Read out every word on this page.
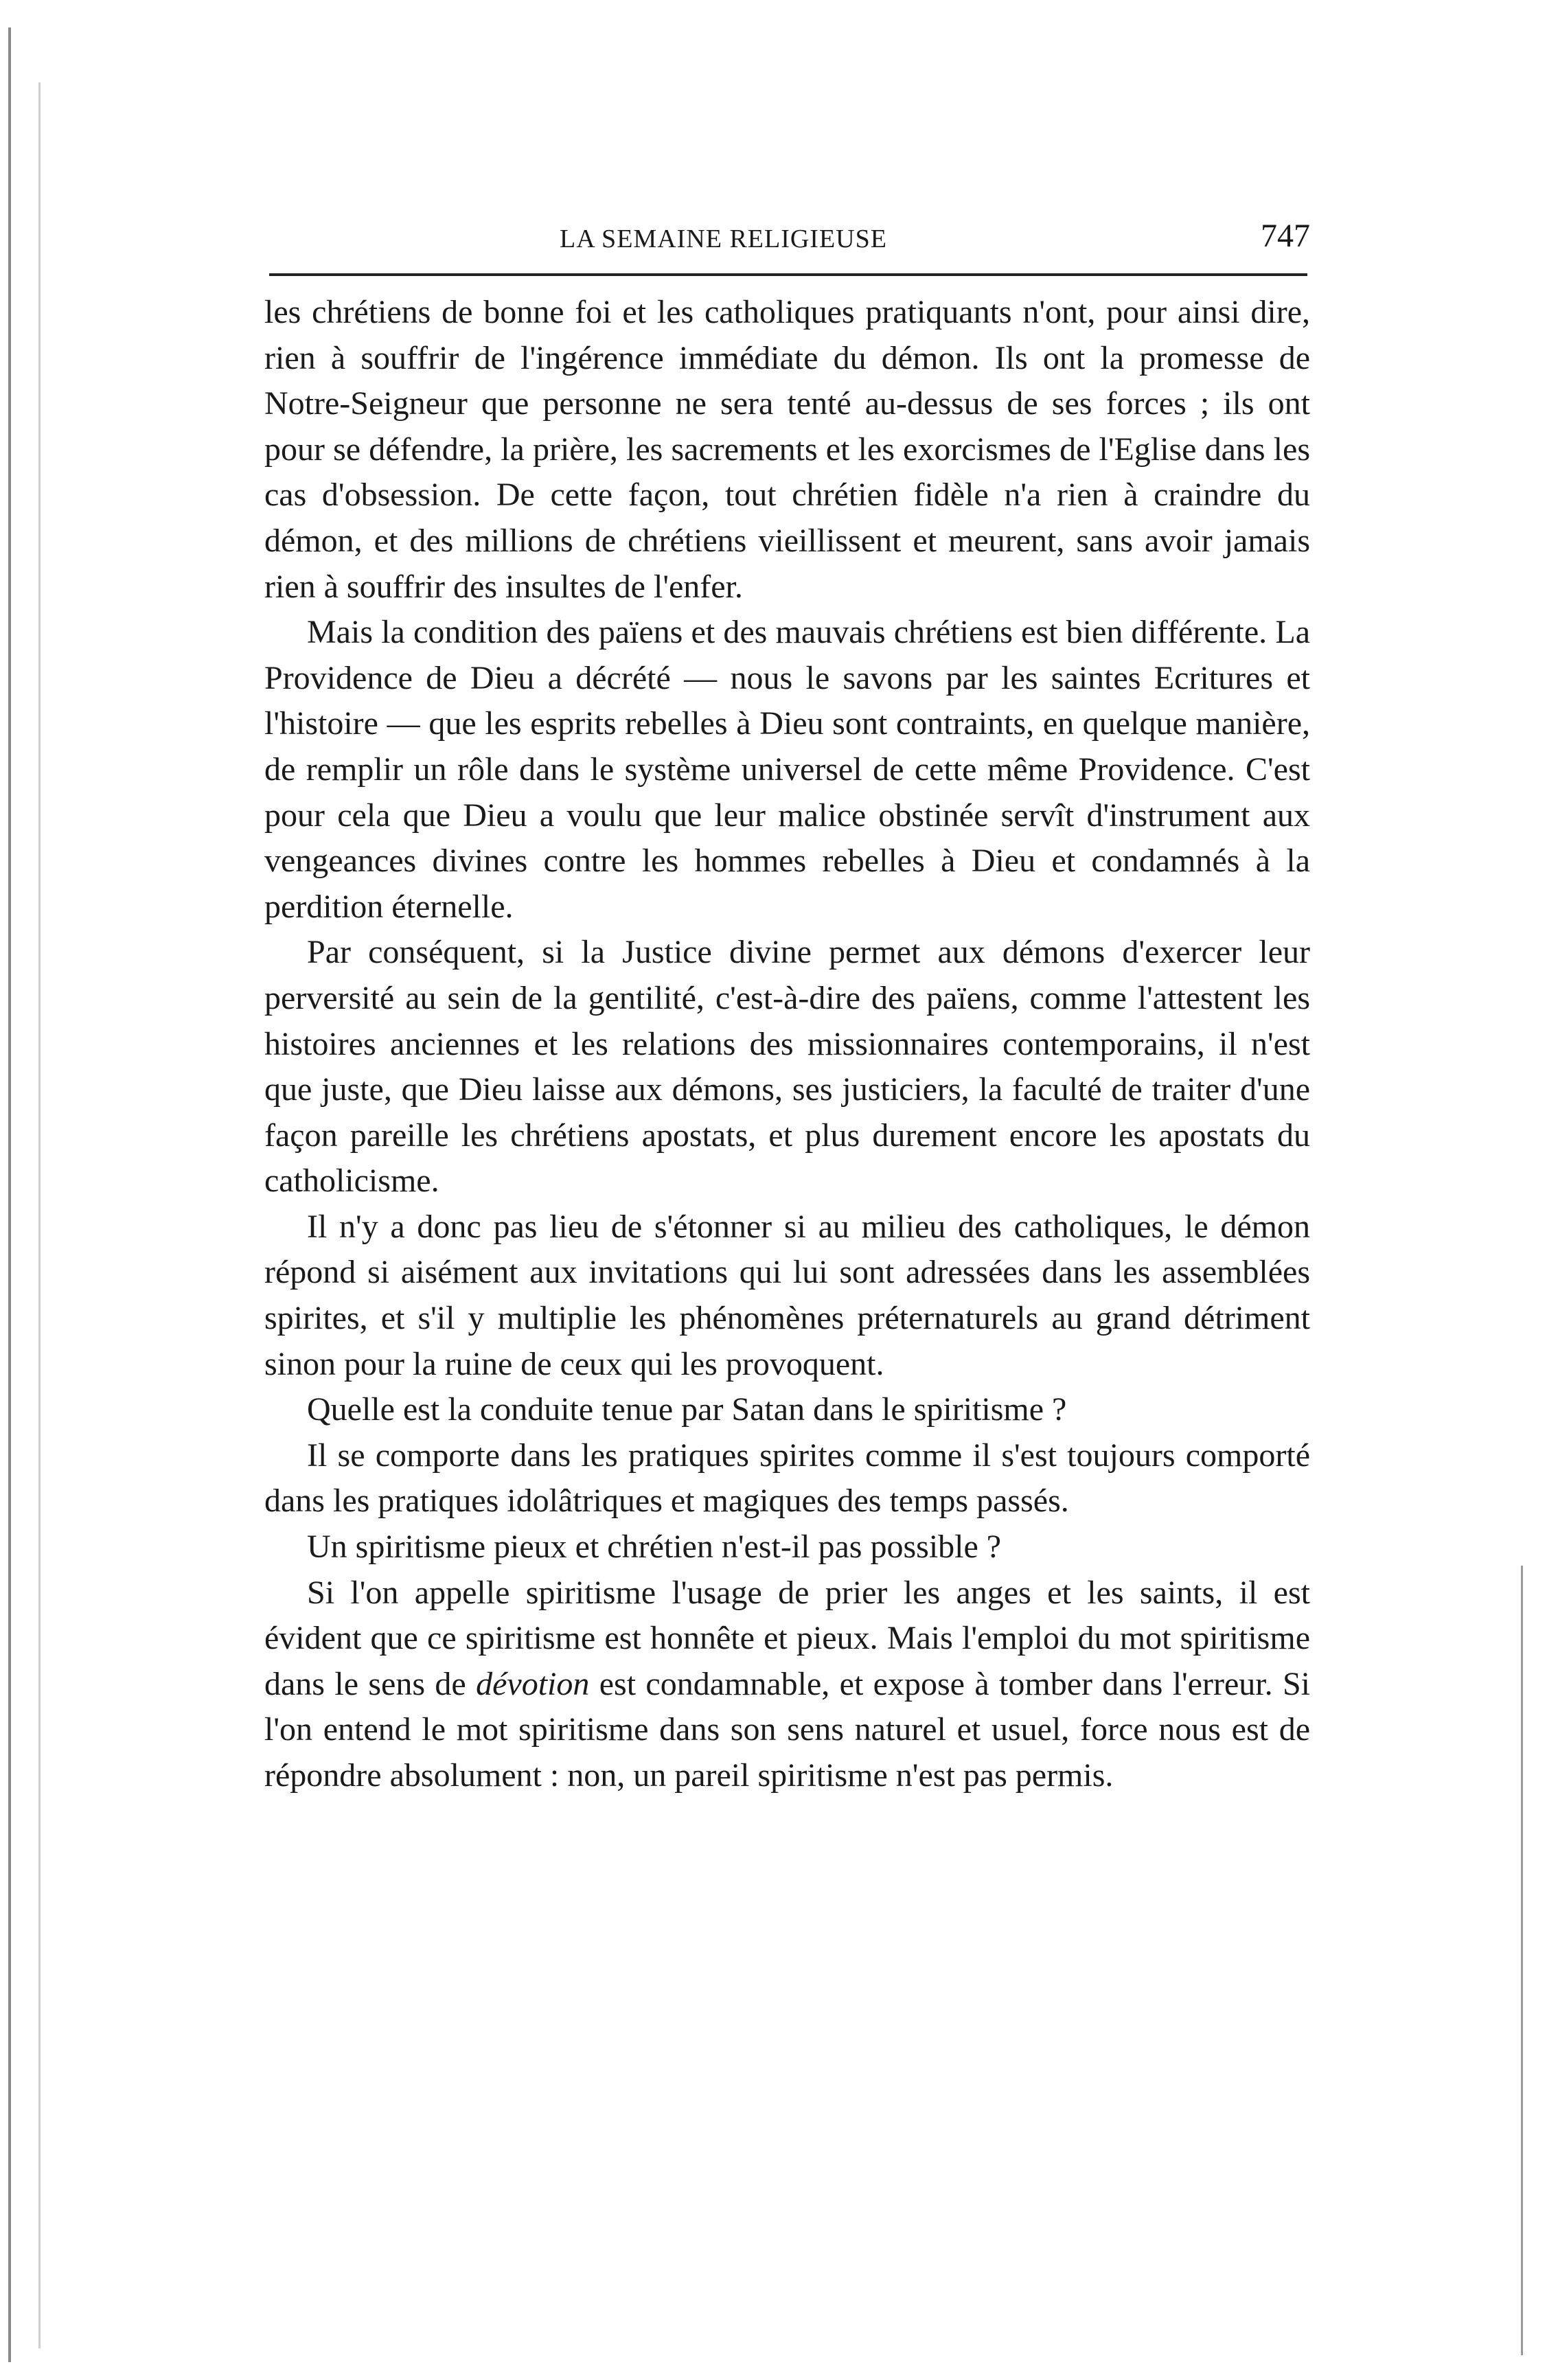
LA SEMAINE RELIGIEUSE	747

les chrétiens de bonne foi et les catholiques pratiquants n'ont, pour ainsi dire, rien à souffrir de l'ingérence immédiate du démon. Ils ont la promesse de Notre-Seigneur que personne ne sera tenté au-dessus de ses forces ; ils ont pour se défendre, la prière, les sacrements et les exorcismes de l'Eglise dans les cas d'obsession. De cette façon, tout chrétien fidèle n'a rien à craindre du démon, et des millions de chrétiens vieillissent et meurent, sans avoir jamais rien à souffrir des insultes de l'enfer.

Mais la condition des païens et des mauvais chrétiens est bien différente. La Providence de Dieu a décrété — nous le savons par les saintes Ecritures et l'histoire — que les esprits rebelles à Dieu sont contraints, en quelque manière, de remplir un rôle dans le système universel de cette même Providence. C'est pour cela que Dieu a voulu que leur malice obstinée servît d'instrument aux vengeances divines contre les hommes rebelles à Dieu et condamnés à la perdition éternelle.

Par conséquent, si la Justice divine permet aux démons d'exercer leur perversité au sein de la gentilité, c'est-à-dire des païens, comme l'attestent les histoires anciennes et les relations des missionnaires contemporains, il n'est que juste, que Dieu laisse aux démons, ses justiciers, la faculté de traiter d'une façon pareille les chrétiens apostats, et plus durement encore les apostats du catholicisme.

Il n'y a donc pas lieu de s'étonner si au milieu des catholiques, le démon répond si aisément aux invitations qui lui sont adressées dans les assemblées spirites, et s'il y multiplie les phénomènes préternaturels au grand détriment sinon pour la ruine de ceux qui les provoquent.

Quelle est la conduite tenue par Satan dans le spiritisme ?

Il se comporte dans les pratiques spirites comme il s'est toujours comporté dans les pratiques idolâtriques et magiques des temps passés.

Un spiritisme pieux et chrétien n'est-il pas possible ?

Si l'on appelle spiritisme l'usage de prier les anges et les saints, il est évident que ce spiritisme est honnête et pieux. Mais l'emploi du mot spiritisme dans le sens de dévotion est condamnable, et expose à tomber dans l'erreur. Si l'on entend le mot spiritisme dans son sens naturel et usuel, force nous est de répondre absolument : non, un pareil spiritisme n'est pas permis.
